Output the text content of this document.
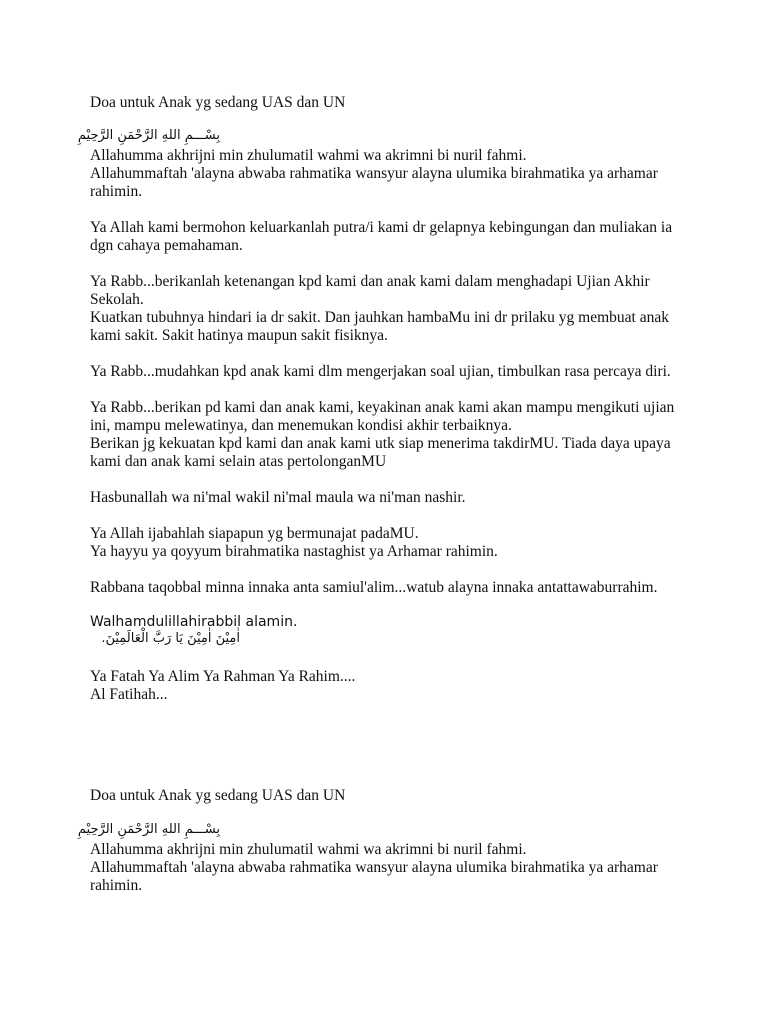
Doa untuk Anak yg sedang UAS dan UN
بِسْـــمِ اللهِ الرَّحْمَنِ الرَّحِيْمِ
Allahumma akhrijni min zhulumatil wahmi wa akrimni bi nuril fahmi.
Allahummaftah 'alayna abwaba rahmatika wansyur alayna ulumika birahmatika ya arhamar
rahimin.
Ya Allah kami bermohon keluarkanlah putra/i kami dr gelapnya kebingungan dan muliakan ia
dgn cahaya pemahaman.
Ya Rabb...berikanlah ketenangan kpd kami dan anak kami dalam menghadapi Ujian Akhir
Sekolah.
Kuatkan tubuhnya hindari ia dr sakit. Dan jauhkan hambaMu ini dr prilaku yg membuat anak
kami sakit. Sakit hatinya maupun sakit fisiknya.
Ya Rabb...mudahkan kpd anak kami dlm mengerjakan soal ujian, timbulkan rasa percaya diri.
Ya Rabb...berikan pd kami dan anak kami, keyakinan anak kami akan mampu mengikuti ujian
ini, mampu melewatinya, dan menemukan kondisi akhir terbaiknya.
Berikan jg kekuatan kpd kami dan anak kami utk siap menerima takdirMU. Tiada daya upaya
kami dan anak kami selain atas pertolonganMU
Hasbunallah wa ni'mal wakil ni'mal maula wa ni'man nashir.
Ya Allah ijabahlah siapapun yg bermunajat padaMU.
Ya hayyu ya qoyyum birahmatika nastaghist ya Arhamar rahimin.
Rabbana taqobbal minna innaka anta samiul'alim...watub alayna innaka antattawaburrahim.
Walhamdulillahirabbil alamin.
اٰمِيْنَ اٰمِيْنَ يَا رَبَّ الْعَالَمِيْنَ.
Ya Fatah Ya Alim Ya Rahman Ya Rahim....
Al Fatihah...
Doa untuk Anak yg sedang UAS dan UN
بِسْـــمِ اللهِ الرَّحْمَنِ الرَّحِيْمِ
Allahumma akhrijni min zhulumatil wahmi wa akrimni bi nuril fahmi.
Allahummaftah 'alayna abwaba rahmatika wansyur alayna ulumika birahmatika ya arhamar
rahimin.
